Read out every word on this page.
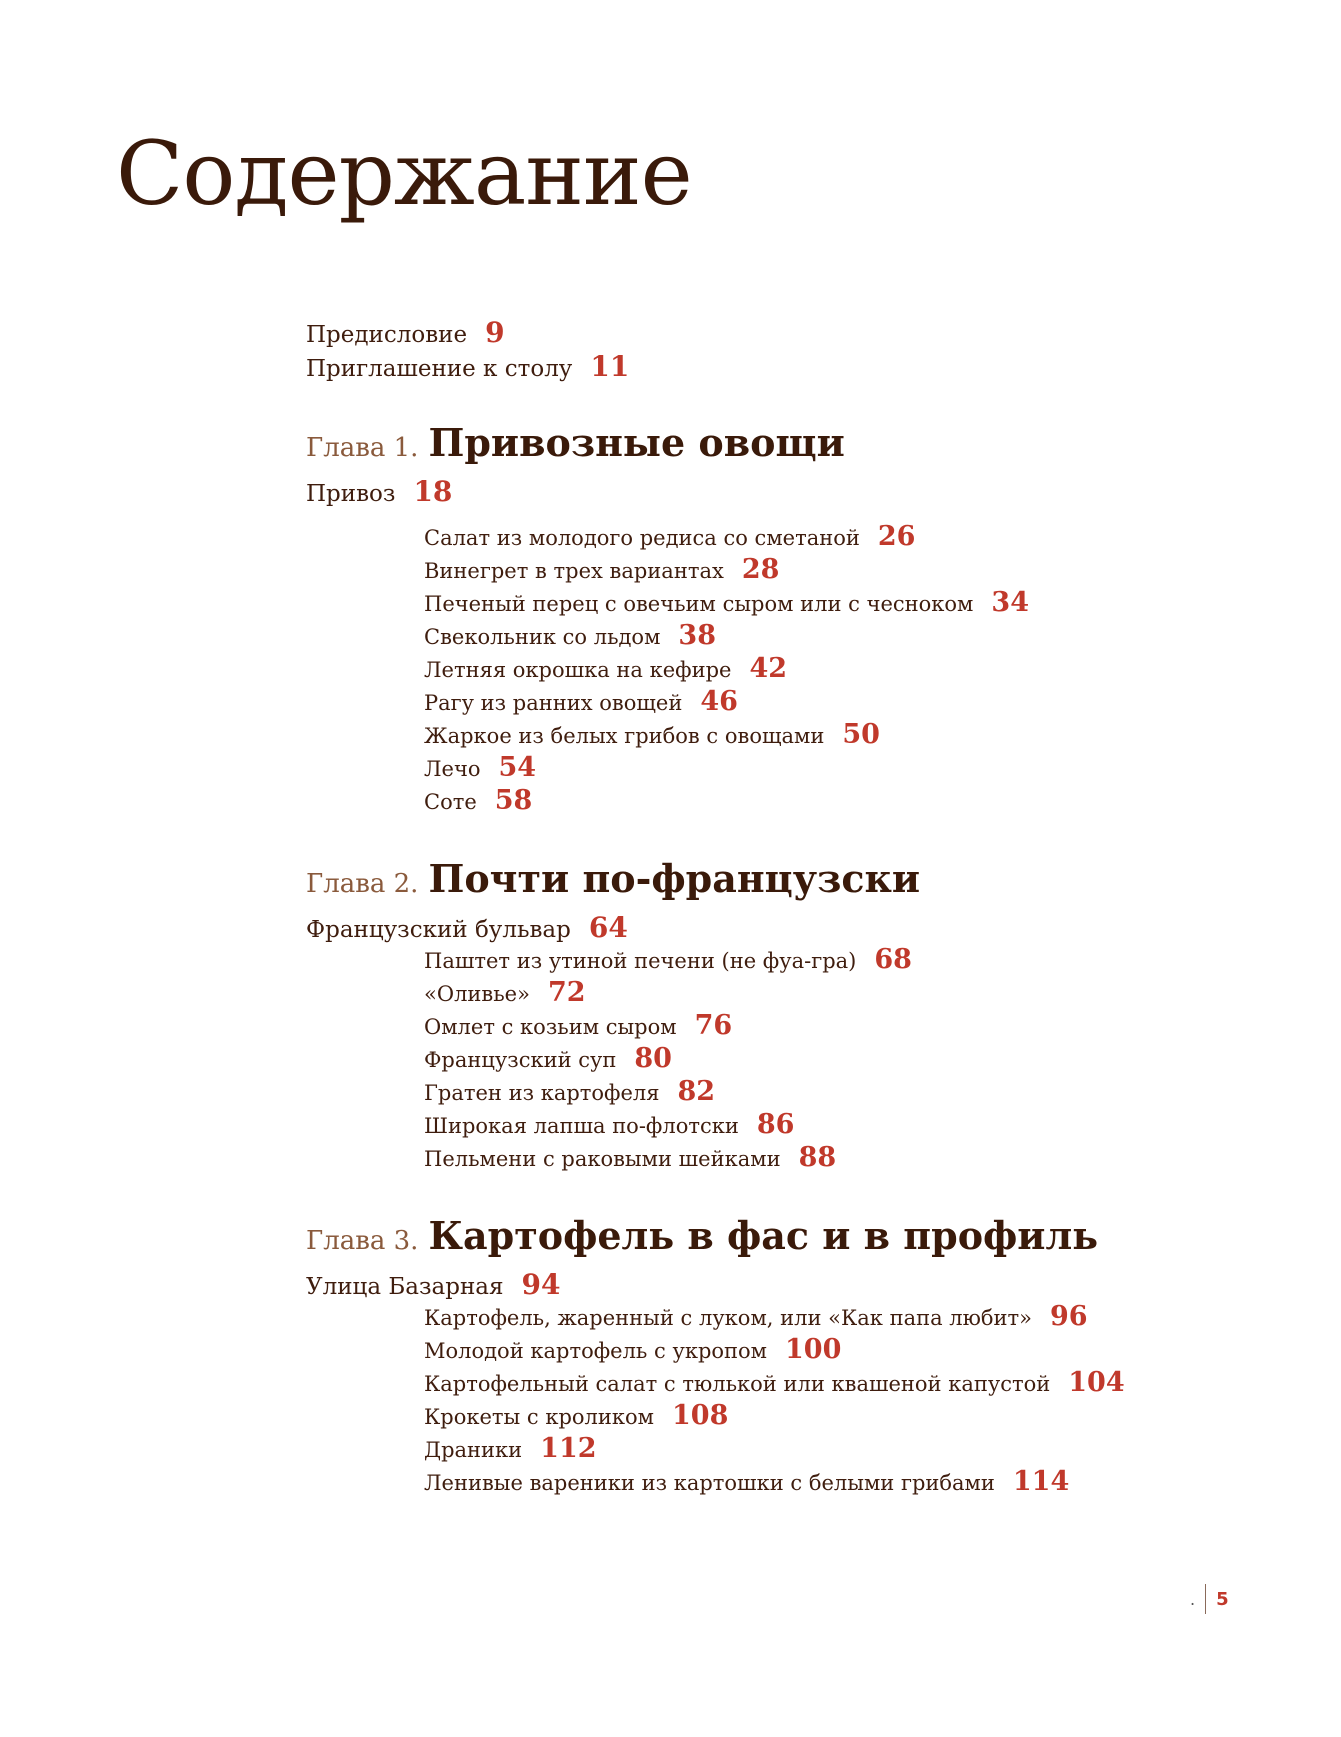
Содержание
Предисловие 9
Приглашение к столу 11
Глава 1. Привозные овощи
Привоз 18
Салат из молодого редиса со сметаной 26
Винегрет в трех вариантах 28
Печеный перец с овечьим сыром или с чесноком 34
Свекольник со льдом 38
Летняя окрошка на кефире 42
Рагу из ранних овощей 46
Жаркое из белых грибов с овощами 50
Лечо 54
Соте 58
Глава 2. Почти по-французски
Французский бульвар 64
Паштет из утиной печени (не фуа-гра) 68
«Оливье» 72
Омлет с козьим сыром 76
Французский суп 80
Гратен из картофеля 82
Широкая лапша по-флотски 86
Пельмени с раковыми шейками 88
Глава 3. Картофель в фас и в профиль
Улица Базарная 94
Картофель, жаренный с луком, или «Как папа любит» 96
Молодой картофель с укропом 100
Картофельный салат с тюлькой или квашеной капустой 104
Крокеты с кроликом 108
Драники 112
Ленивые вареники из картошки с белыми грибами 114
. 5
